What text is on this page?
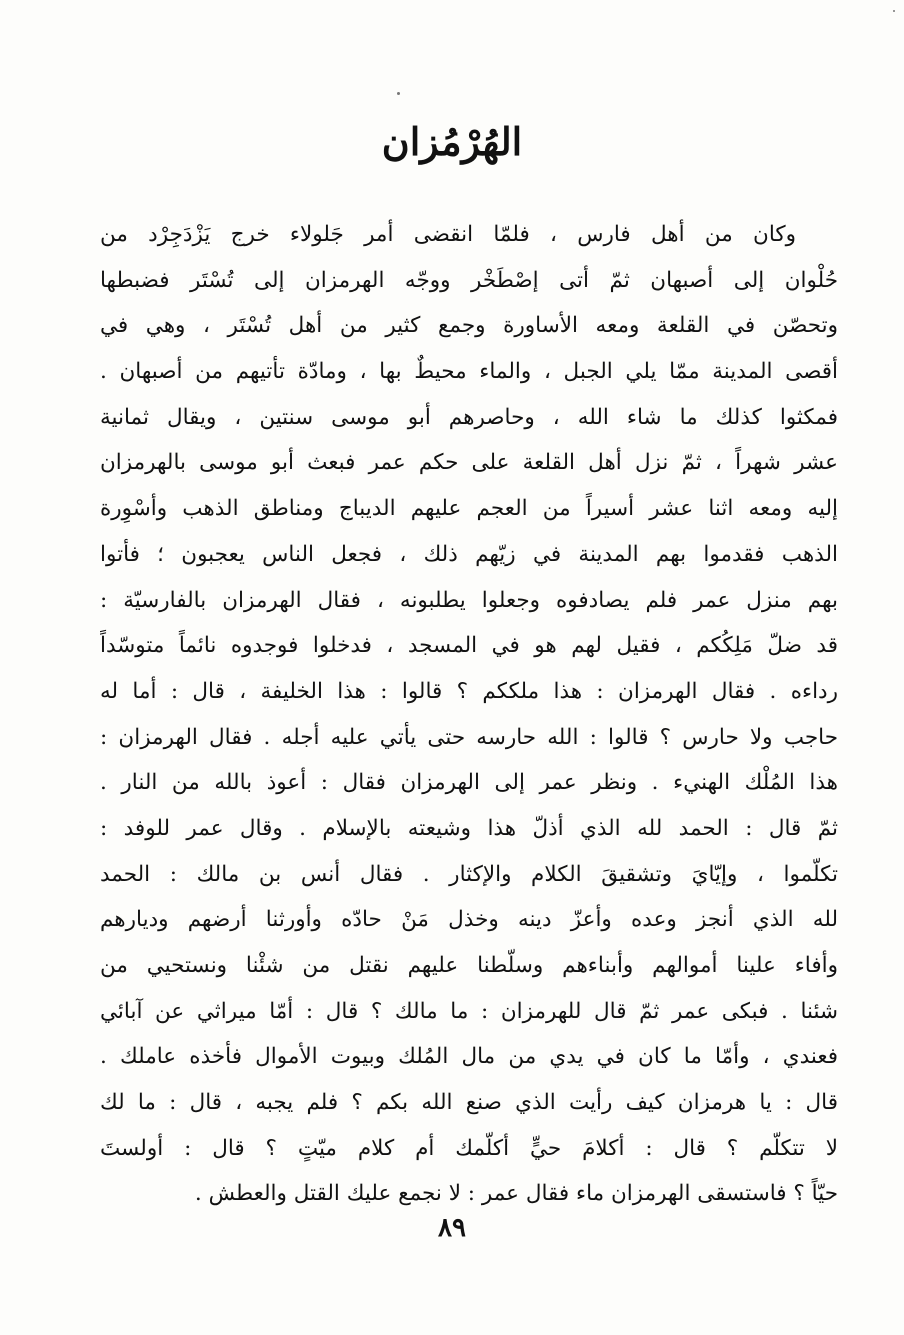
الهُرْمُزان
وكان من أهل فارس ، فلمّا انقضى أمر جَلولاء خرج يَزْدَجِرْد من
حُلْوان إلى أصبهان ثمّ أتى إصْطَخْر ووجّه الهرمزان إلى تُسْتَر فضبطها
وتحصّن في القلعة ومعه الأساورة وجمع كثير من أهل تُسْتَر ، وهي في
أقصى المدينة ممّا يلي الجبل ، والماء محيطٌ بها ، ومادّة تأتيهم من أصبهان .
فمكثوا كذلك ما شاء الله ، وحاصرهم أبو موسى سنتين ، ويقال ثمانية
عشر شهراً ، ثمّ نزل أهل القلعة على حكم عمر فبعث أبو موسى بالهرمزان
إليه ومعه اثنا عشر أسيراً من العجم عليهم الديباج ومناطق الذهب وأسْوِرة
الذهب فقدموا بهم المدينة في زيّهم ذلك ، فجعل الناس يعجبون ؛ فأتوا
بهم منزل عمر فلم يصادفوه وجعلوا يطلبونه ، فقال الهرمزان بالفارسيّة :
قد ضلّ مَلِكُكم ، فقيل لهم هو في المسجد ، فدخلوا فوجدوه نائماً متوسّداً
رداءه . فقال الهرمزان : هذا ملككم ؟ قالوا : هذا الخليفة ، قال : أما له
حاجب ولا حارس ؟ قالوا : الله حارسه حتى يأتي عليه أجله . فقال الهرمزان :
هذا المُلْك الهنيء . ونظر عمر إلى الهرمزان فقال : أعوذ بالله من النار .
ثمّ قال : الحمد لله الذي أذلّ هذا وشيعته بالإسلام . وقال عمر للوفد :
تكلّموا ، وإيّايَ وتشقيقَ الكلام والإكثار . فقال أنس بن مالك : الحمد
لله الذي أنجز وعده وأعزّ دينه وخذل مَنْ حادّه وأورثنا أرضهم وديارهم
وأفاء علينا أموالهم وأبناءهم وسلّطنا عليهم نقتل من شئْنا ونستحيي من
شئنا . فبكى عمر ثمّ قال للهرمزان : ما مالك ؟ قال : أمّا ميراثي عن آبائي
فعندي ، وأمّا ما كان في يدي من مال المُلك وبيوت الأموال فأخذه عاملك .
قال : يا هرمزان كيف رأيت الذي صنع الله بكم ؟ فلم يجبه ، قال : ما لك
لا تتكلّم ؟ قال : أكلامَ حيٍّ أكلّمك أم كلام ميّتٍ ؟ قال : أولستَ
حيّاً ؟ فاستسقى الهرمزان ماء فقال عمر : لا نجمع عليك القتل والعطش .
٨٩
